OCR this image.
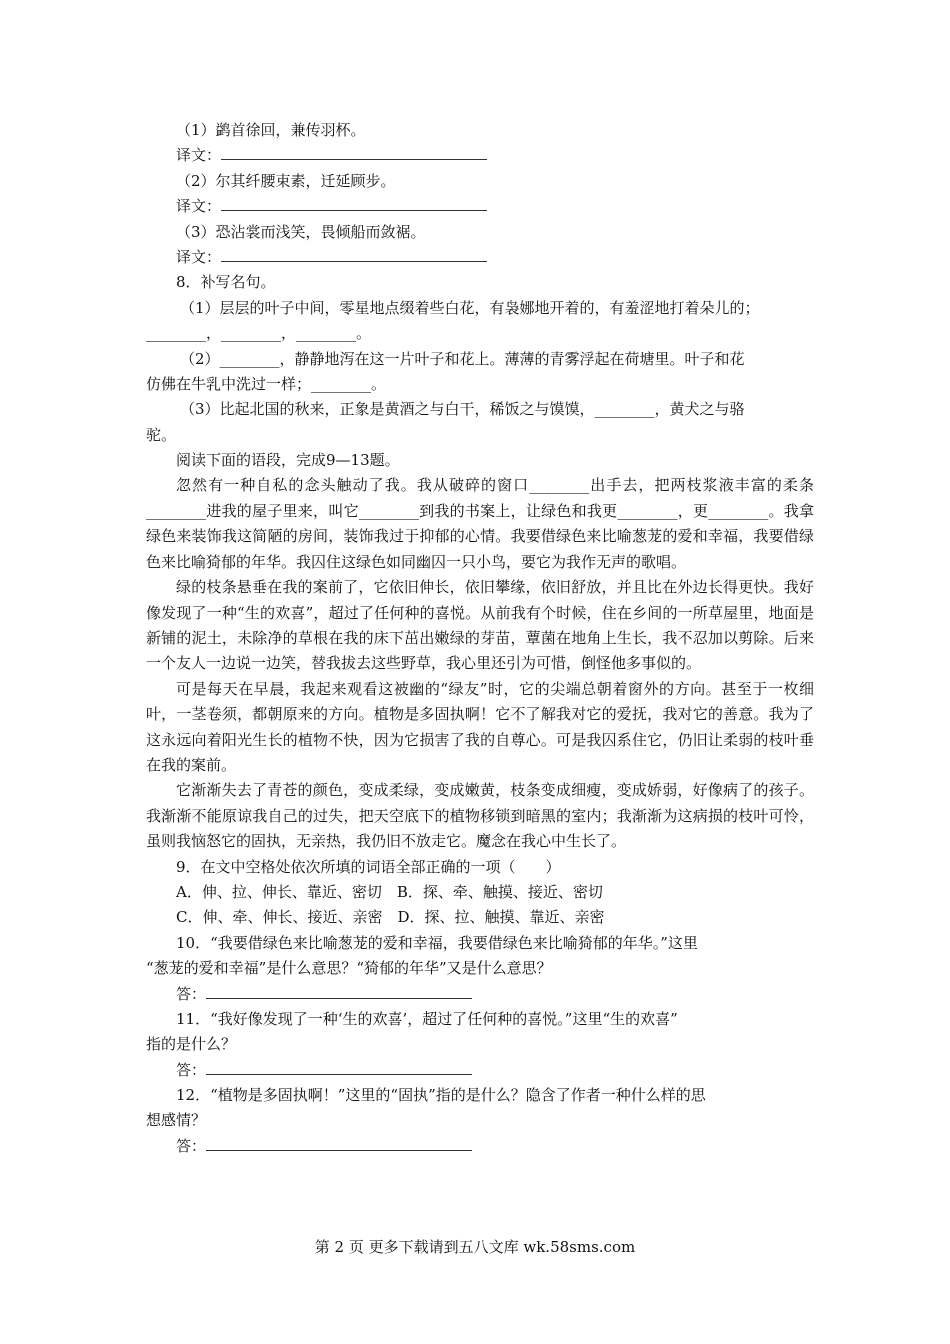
（1）鹢首徐回，兼传羽杯。
译文：
（2）尔其纤腰束素，迁延顾步。
译文：
（3）恐沾裳而浅笑，畏倾船而敛裾。
译文：
8．补写名句。
（1）层层的叶子中间，零星地点缀着些白花，有袅娜地开着的，有羞涩地打着朵儿的；
________，________，________。
（2）________，静静地泻在这一片叶子和花上。薄薄的青雾浮起在荷塘里。叶子和花
仿佛在牛乳中洗过一样；________。
（3）比起北国的秋来，正象是黄酒之与白干，稀饭之与馍馍，________，黄犬之与骆
驼。
阅读下面的语段，完成9—13题。
忽然有一种自私的念头触动了我。我从破碎的窗口________出手去，把两枝浆液丰富的柔条________进我的屋子里来，叫它________到我的书案上，让绿色和我更________，更________。我拿绿色来装饰我这简陋的房间，装饰我过于抑郁的心情。我要借绿色来比喻葱茏的爱和幸福，我要借绿色来比喻猗郁的年华。我囚住这绿色如同幽囚一只小鸟，要它为我作无声的歌唱。
绿的枝条悬垂在我的案前了，它依旧伸长，依旧攀缘，依旧舒放，并且比在外边长得更快。我好像发现了一种“生的欢喜”，超过了任何种的喜悦。从前我有个时候，住在乡间的一所草屋里，地面是新铺的泥土，未除净的草根在我的床下茁出嫩绿的芽苗，蕈菌在地角上生长，我不忍加以剪除。后来一个友人一边说一边笑，替我拔去这些野草，我心里还引为可惜，倒怪他多事似的。
可是每天在早晨，我起来观看这被幽的“绿友”时，它的尖端总朝着窗外的方向。甚至于一枚细叶，一茎卷须，都朝原来的方向。植物是多固执啊！它不了解我对它的爱抚，我对它的善意。我为了这永远向着阳光生长的植物不快，因为它损害了我的自尊心。可是我囚系住它，仍旧让柔弱的枝叶垂在我的案前。
它渐渐失去了青苍的颜色，变成柔绿，变成嫩黄，枝条变成细瘦，变成娇弱，好像病了的孩子。我渐渐不能原谅我自己的过失，把天空底下的植物移锁到暗黑的室内；我渐渐为这病损的枝叶可怜，虽则我恼怒它的固执，无亲热，我仍旧不放走它。魔念在我心中生长了。
9．在文中空格处依次所填的词语全部正确的一项（　　）
A．伸、拉、伸长、靠近、密切　B．探、牵、触摸、接近、密切
C．伸、牵、伸长、接近、亲密　D．探、拉、触摸、靠近、亲密
10．“我要借绿色来比喻葱茏的爱和幸福，我要借绿色来比喻猗郁的年华。”这里
“葱茏的爱和幸福”是什么意思？“猗郁的年华”又是什么意思？
答：
11．“我好像发现了一种‘生的欢喜’，超过了任何种的喜悦。”这里“生的欢喜”
指的是什么？
答：
12．“植物是多固执啊！”这里的“固执”指的是什么？隐含了作者一种什么样的思
想感情？
答：
第 2 页 更多下载请到五八文库 wk.58sms.com
